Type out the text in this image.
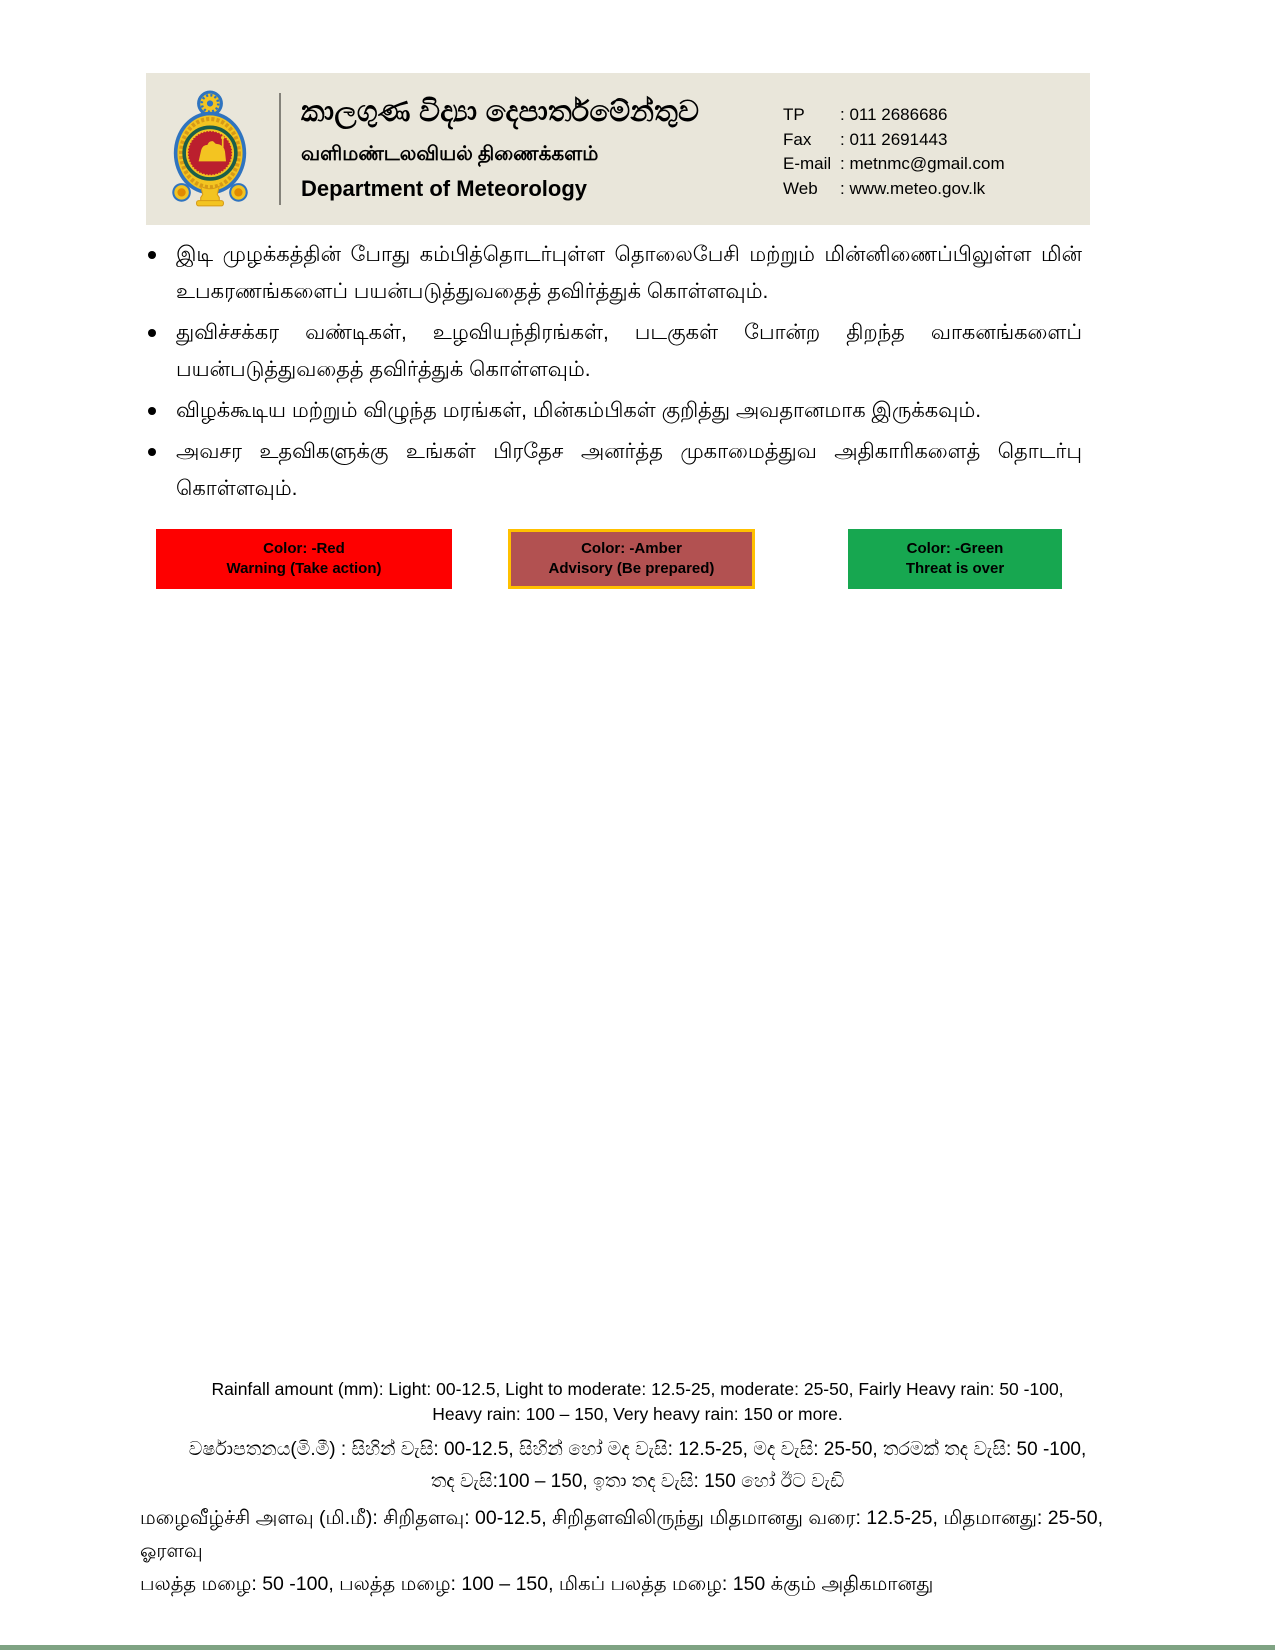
කාලගුණ විද්‍යා දෙපාර්තමේන්තුව
வளிமண்டலவியல் திணைக்களம்
Department of Meteorology
TP	: 011 2686686
Fax	: 011 2691443
E-mail : metnmc@gmail.com
Web	: www.meteo.gov.lk
இடி முழக்கத்தின் போது கம்பித்தொடர்புள்ள தொலைபேசி மற்றும் மின்னிணைப்பிலுள்ள மின் உபகரணங்களைப் பயன்படுத்துவதைத் தவிர்த்துக் கொள்ளவும்.
துவிச்சக்கர வண்டிகள், உழவியந்திரங்கள், படகுகள் போன்ற திறந்த வாகனங்களைப் பயன்படுத்துவதைத் தவிர்த்துக் கொள்ளவும்.
விழக்கூடிய மற்றும் விழுந்த மரங்கள், மின்கம்பிகள் குறித்து அவதானமாக இருக்கவும்.
அவசர உதவிகளுக்கு உங்கள் பிரதேச அனர்த்த முகாமைத்துவ அதிகாரிகளைத் தொடர்பு கொள்ளவும்.
Color: -Red
Warning (Take action)
Color: -Amber
Advisory (Be prepared)
Color: -Green
Threat is over
Rainfall amount (mm): Light: 00-12.5, Light to moderate: 12.5-25, moderate: 25-50, Fairly Heavy rain: 50 -100,
Heavy rain: 100 – 150, Very heavy rain: 150 or more.
වර්ෂාපතනය(මි.මී) : සිහින් වැසි: 00-12.5, සිහින් හෝ මද වැසි: 12.5-25, මද වැසි: 25-50, තරමක් තද වැසි: 50 -100,
තද වැසි:100 – 150, ඉතා තද වැසි: 150 හෝ ඊට වැඩි
மழைவீழ்ச்சி அளவு (மி.மீ): சிறிதளவு: 00-12.5, சிறிதளவிலிருந்து மிதமானது வரை: 12.5-25, மிதமானது: 25-50, ஓரளவு
பலத்த மழை: 50 -100, பலத்த மழை: 100 – 150, மிகப் பலத்த மழை: 150 க்கும் அதிகமானது
